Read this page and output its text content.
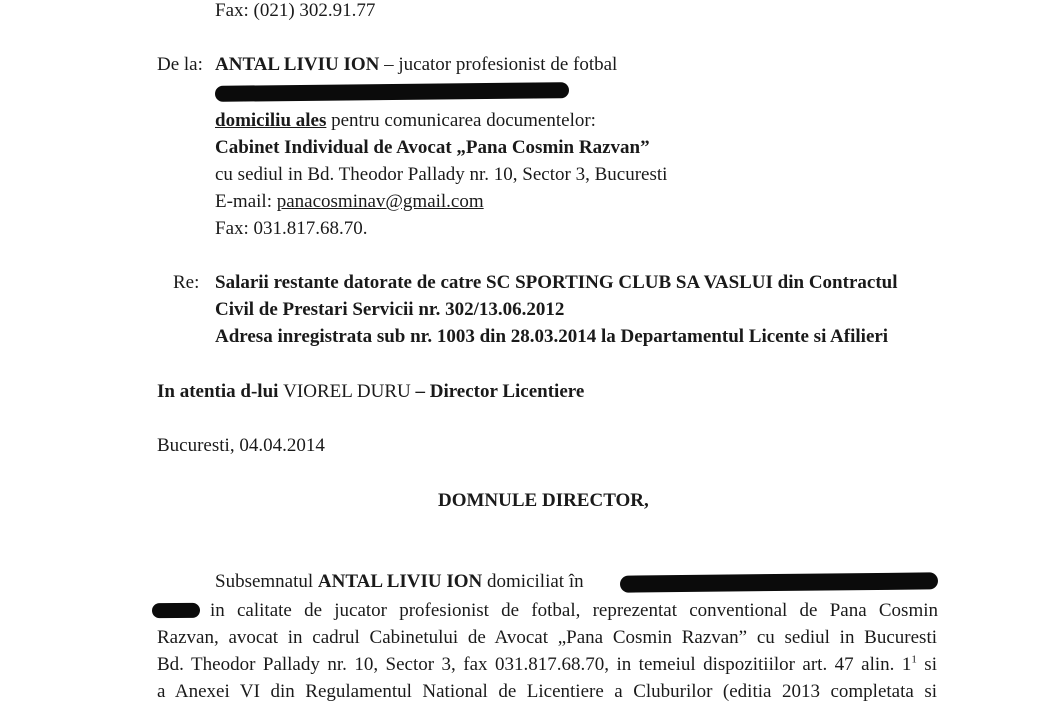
Fax: (021) 302.91.77
De la: ANTAL LIVIU ION – jucator profesionist de fotbal
domiciliu ales pentru comunicarea documentelor:
Cabinet Individual de Avocat „Pana Cosmin Razvan”
cu sediul in Bd. Theodor Pallady nr. 10, Sector 3, Bucuresti
E-mail: panacosminav@gmail.com
Fax: 031.817.68.70.
Re: Salarii restante datorate de catre SC SPORTING CLUB SA VASLUI din Contractul
Civil de Prestari Servicii nr. 302/13.06.2012
Adresa inregistrata sub nr. 1003 din 28.03.2014 la Departamentul Licente si Afilieri
In atentia d-lui VIOREL DURU – Director Licentiere
Bucuresti, 04.04.2014
DOMNULE DIRECTOR,
Subsemnatul ANTAL LIVIU ION domiciliat în
in calitate de jucator profesionist de fotbal, reprezentat conventional de Pana Cosmin
Razvan, avocat in cadrul Cabinetului de Avocat „Pana Cosmin Razvan” cu sediul in Bucuresti
Bd. Theodor Pallady nr. 10, Sector 3, fax 031.817.68.70, in temeiul dispozitiilor art. 47 alin. $1^1$ si
a Anexei VI din Regulamentul National de Licentiere a Cluburilor (editia 2013 completata si
